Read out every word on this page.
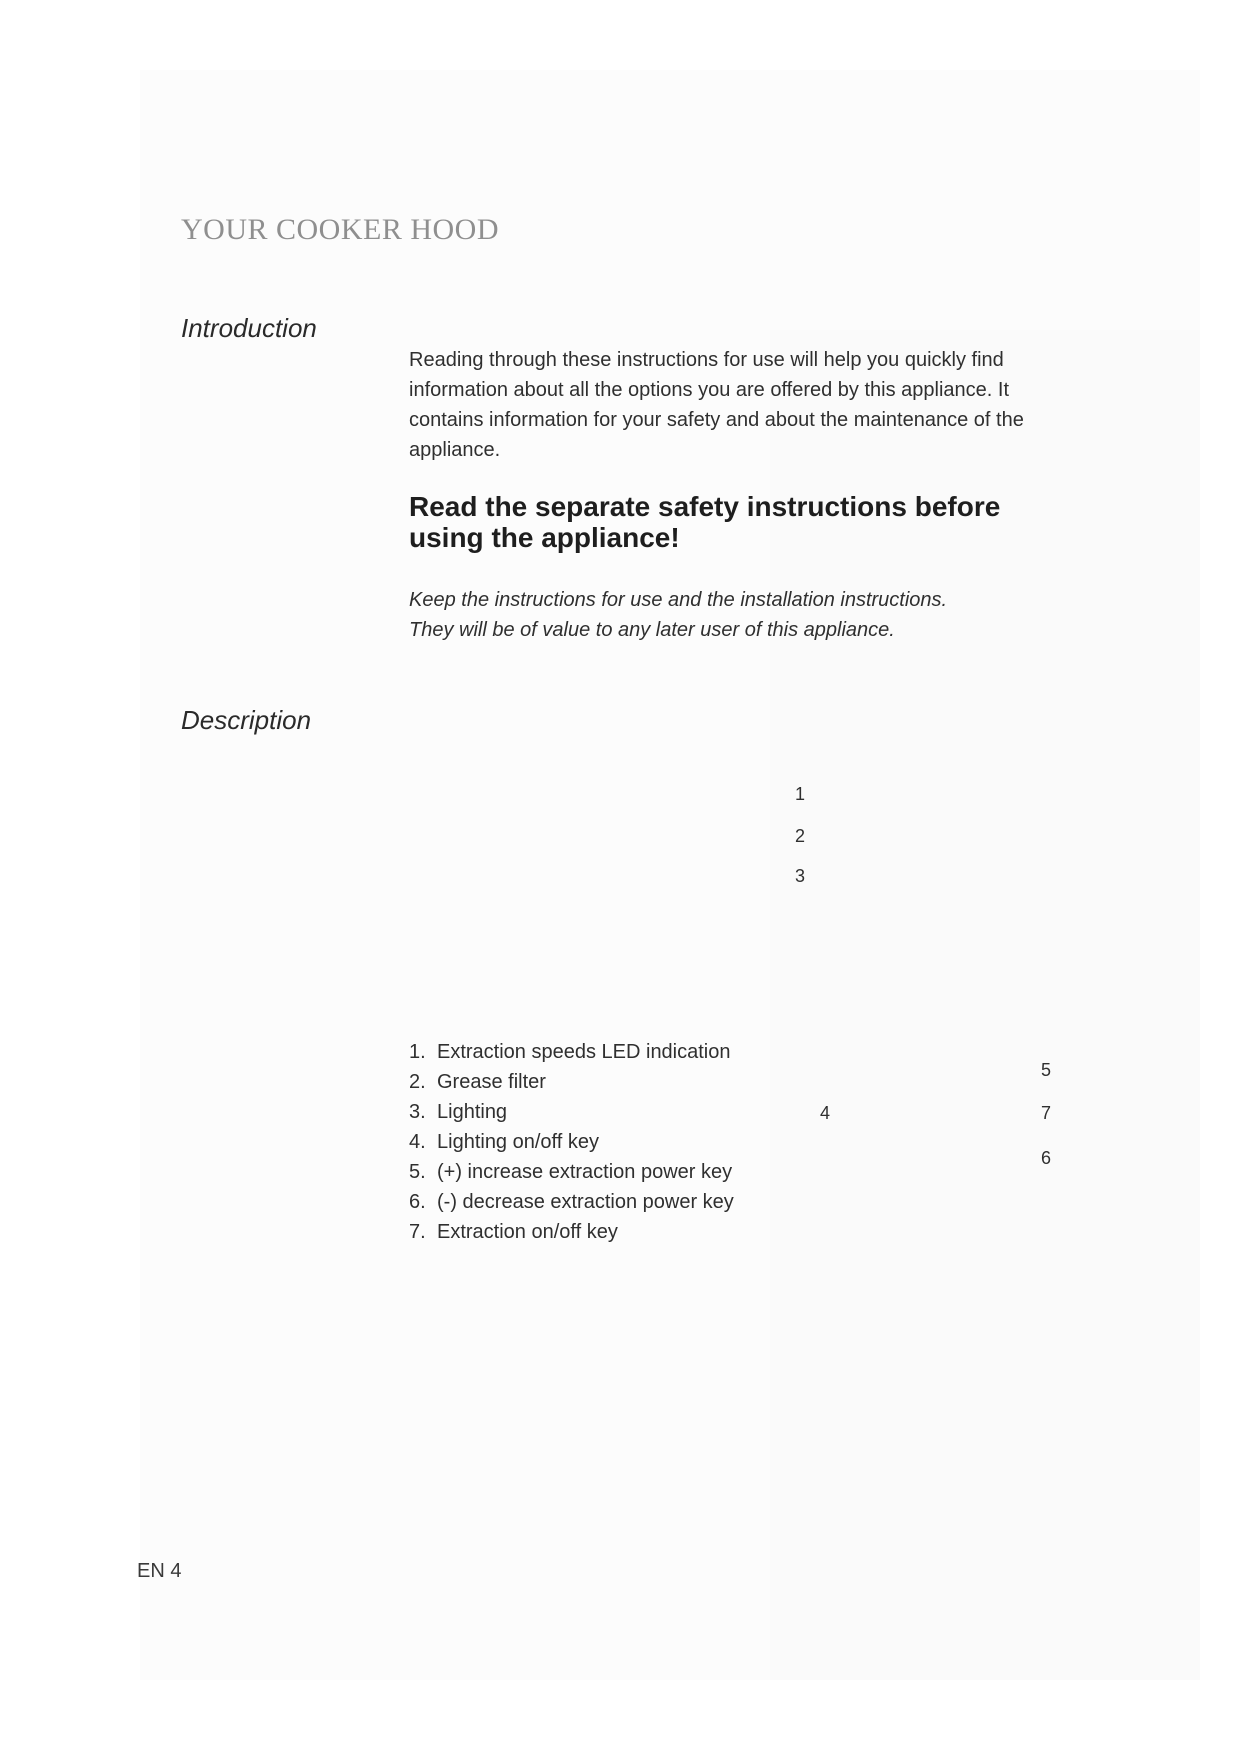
YOUR COOKER HOOD
Introduction

Reading through these instructions for use will help you quickly find information about all the options you are offered by this appliance. It contains information for your safety and about the maintenance of the appliance.

Read the separate safety instructions before using the appliance!

Keep the instructions for use and the installation instructions.
They will be of value to any later user of this appliance.

Description
1
2
3
4
5
7
6
1. Extraction speeds LED indication
2. Grease filter
3. Lighting
4. Lighting on/off key
5. (+) increase extraction power key
6. (-) decrease extraction power key
7. Extraction on/off key
EN 4
